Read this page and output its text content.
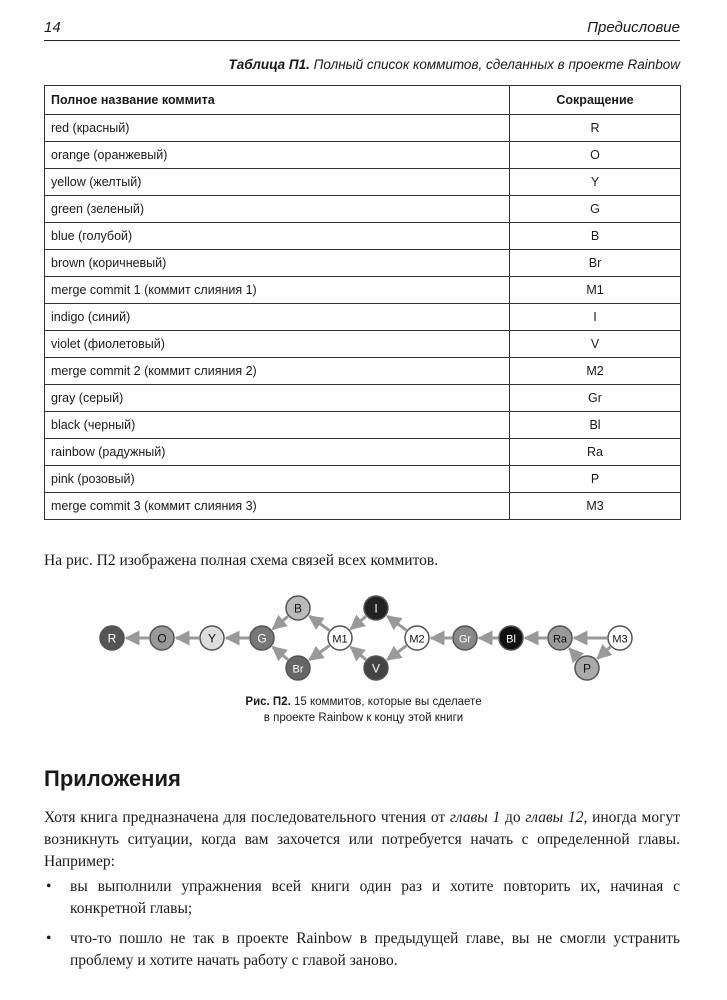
14	Предисловие
Таблица П1. Полный список коммитов, сделанных в проекте Rainbow
Полное название коммита	Сокращение
red (красный)	R
orange (оранжевый)	O
yellow (желтый)	Y
green (зеленый)	G
blue (голубой)	B
brown (коричневый)	Br
merge commit 1 (коммит слияния 1)	M1
indigo (синий)	I
violet (фиолетовый)	V
merge commit 2 (коммит слияния 2)	M2
gray (серый)	Gr
black (черный)	Bl
rainbow (радужный)	Ra
pink (розовый)	P
merge commit 3 (коммит слияния 3)	M3
На рис. П2 изображена полная схема связей всех коммитов.
R	O	Y	G
B
Br
M1
I
V
M2	Gr	Bl	Ra
P
M3
Рис. П2. 15 коммитов, которые вы сделаете
в проекте Rainbow к концу этой книги
Приложения
Хотя книга предназначена для последовательного чтения от главы 1 до главы 12, иногда могут возникнуть ситуации, когда вам захочется или потребуется начать с определенной главы. Например:
• вы выполнили упражнения всей книги один раз и хотите повторить их, начиная с конкретной главы;
• что-то пошло не так в проекте Rainbow в предыдущей главе, вы не смогли устранить проблему и хотите начать работу с главой заново.
